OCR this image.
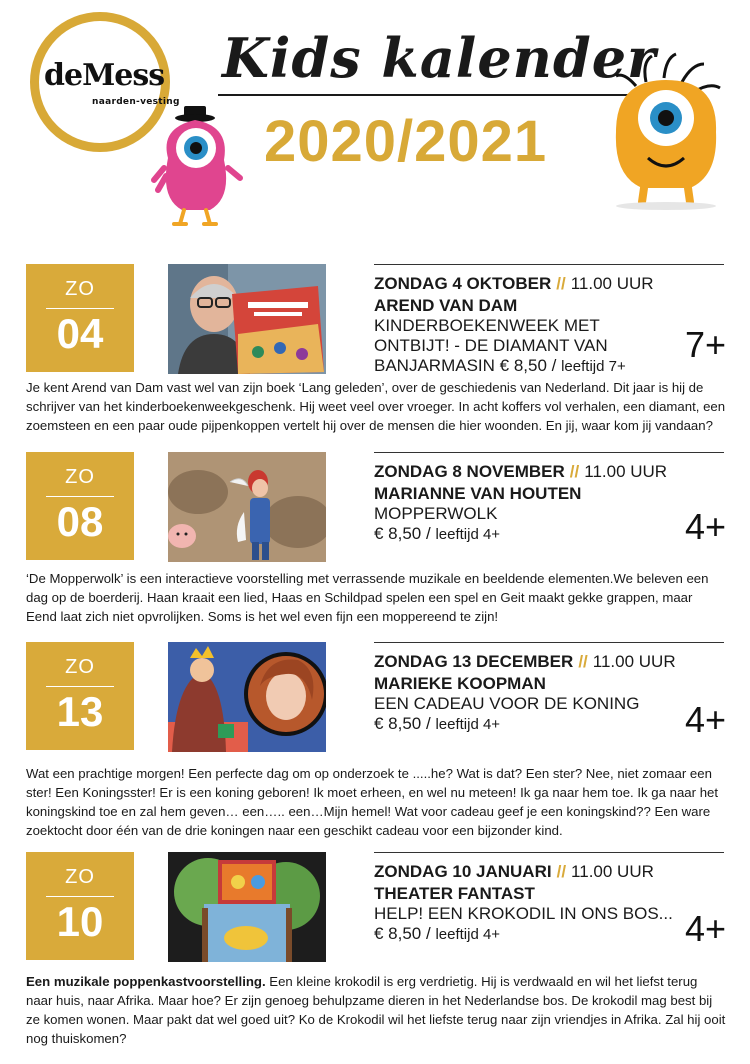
deMess
naarden-vesting
Kids kalender
2020/2021
ZO
04
ZONDAG 4 OKTOBER // 11.00 UUR
AREND VAN DAM KINDERBOEKENWEEK MET ONTBIJT! - DE DIAMANT VAN BANJARMASIN € 8,50 / leeftijd 7+
7+
Je kent Arend van Dam vast wel van zijn boek ‘Lang geleden’, over de geschiedenis van Nederland. Dit jaar is hij de schrijver van het kinderboekenweekgeschenk. Hij weet veel over vroeger. In acht koffers vol verhalen, een diamant, een zoemsteen en een paar oude pijpenkoppen vertelt hij over de mensen die hier woonden. En jij, waar kom jij vandaan?
ZO
08
ZONDAG 8 NOVEMBER // 11.00 UUR
MARIANNE VAN HOUTEN
MOPPERWOLK
€ 8,50 / leeftijd 4+	4+
‘De Mopperwolk’ is een interactieve voorstelling met verrassende muzikale en beeldende elementen.We beleven een dag op de boerderij. Haan kraait een lied, Haas en Schildpad spelen een spel en Geit maakt gekke grappen, maar Eend laat zich niet opvrolijken. Soms is het wel even fijn een moppereend te zijn!
ZO
13
ZONDAG 13 DECEMBER // 11.00 UUR
MARIEKE KOOPMAN
EEN CADEAU VOOR DE KONING
€ 8,50 / leeftijd 4+	4+
Wat een prachtige morgen! Een perfecte dag om op onderzoek te .....he? Wat is dat? Een ster? Nee, niet zomaar een ster! Een Koningsster! Er is een koning geboren! Ik moet erheen, en wel nu meteen! Ik ga naar hem toe. Ik ga naar het koningskind toe en zal hem geven… een….. een…Mijn hemel! Wat voor cadeau geef je een koningskind?? Een ware zoektocht door één van de drie koningen naar een geschikt cadeau voor een bijzonder kind.
ZO
10
ZONDAG 10 JANUARI // 11.00 UUR
THEATER FANTAST
HELP! EEN KROKODIL IN ONS BOS...
€ 8,50 / leeftijd 4+	4+
Een muzikale poppenkastvoorstelling. Een kleine krokodil is erg verdrietig. Hij is verdwaald en wil het liefst terug naar huis, naar Afrika. Maar hoe? Er zijn genoeg behulpzame dieren in het Nederlandse bos. De krokodil mag best bij ze komen wonen. Maar pakt dat wel goed uit? Ko de Krokodil wil het liefste terug naar zijn vriendjes in Afrika. Zal hij ooit nog thuiskomen?
